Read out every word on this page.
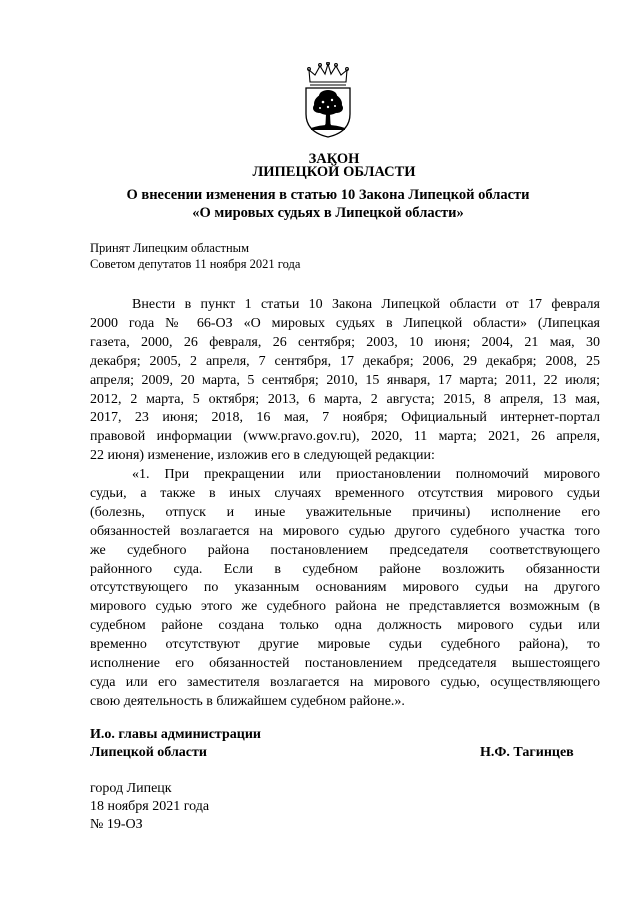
ЗАКОН
ЛИПЕЦКОЙ ОБЛАСТИ
О внесении изменения в статью 10 Закона Липецкой области
«О мировых судьях в Липецкой области»
Принят Липецким областным
Советом депутатов 11 ноября 2021 года
Внести в пункт 1 статьи 10 Закона Липецкой области от 17 февраля
2000 года № 66-ОЗ «О мировых судьях в Липецкой области» (Липецкая
газета, 2000, 26 февраля, 26 сентября; 2003, 10 июня; 2004, 21 мая, 30
декабря; 2005, 2 апреля, 7 сентября, 17 декабря; 2006, 29 декабря; 2008, 25
апреля; 2009, 20 марта, 5 сентября; 2010, 15 января, 17 марта; 2011, 22 июля;
2012, 2 марта, 5 октября; 2013, 6 марта, 2 августа; 2015, 8 апреля, 13 мая,
2017, 23 июня; 2018, 16 мая, 7 ноября; Официальный интернет-портал
правовой информации (www.pravo.gov.ru), 2020, 11 марта; 2021, 26 апреля,
22 июня) изменение, изложив его в следующей редакции:
«1. При прекращении или приостановлении полномочий мирового
судьи, а также в иных случаях временного отсутствия мирового судьи
(болезнь, отпуск и иные уважительные причины) исполнение его
обязанностей возлагается на мирового судью другого судебного участка того
же судебного района постановлением председателя соответствующего
районного суда. Если в судебном районе возложить обязанности
отсутствующего по указанным основаниям мирового судьи на другого
мирового судью этого же судебного района не представляется возможным (в
судебном районе создана только одна должность мирового судьи или
временно отсутствуют другие мировые судьи судебного района), то
исполнение его обязанностей постановлением председателя вышестоящего
суда или его заместителя возлагается на мирового судью, осуществляющего
свою деятельность в ближайшем судебном районе.».
И.о. главы администрации
Липецкой области	Н.Ф. Тагинцев
город Липецк
18 ноября 2021 года
№ 19-ОЗ
